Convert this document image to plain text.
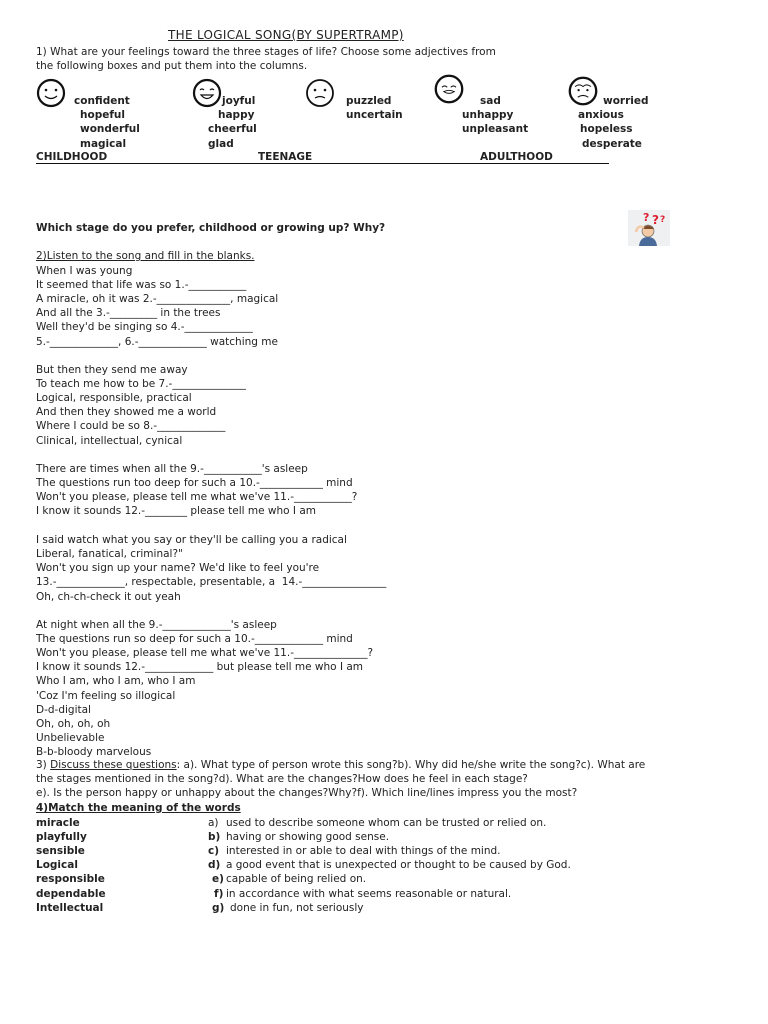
THE LOGICAL SONG(BY SUPERTRAMP)
1) What are your feelings toward the three stages of life? Choose some adjectives from
the following boxes and put them into the columns.
confident
hopeful
wonderful
magical
joyful
happy
cheerful
glad
puzzled
uncertain
sad
unhappy
unpleasant
worried
anxious
hopeless
desperate
CHILDHOOD	TEENAGE	ADULTHOOD
Which stage do you prefer, childhood or growing up? Why?
? ? ?
2)Listen to the song and fill in the blanks.
When I was young
It seemed that life was so 1.-___________
A miracle, oh it was 2.-______________, magical
And all the 3.-_________ in the trees
Well they'd be singing so 4.-_____________
5.-_____________, 6.-_____________ watching me
But then they send me away
To teach me how to be 7.-______________
Logical, responsible, practical
And then they showed me a world
Where I could be so 8.-_____________
Clinical, intellectual, cynical
There are times when all the 9.-___________'s asleep
The questions run too deep for such a 10.-____________ mind
Won't you please, please tell me what we've 11.-___________?
I know it sounds 12.-________ please tell me who I am
I said watch what you say or they'll be calling you a radical
Liberal, fanatical, criminal?"
Won't you sign up your name? We'd like to feel you're
13.-_____________, respectable, presentable, a  14.-________________
Oh, ch-ch-check it out yeah
At night when all the 9.-_____________'s asleep
The questions run so deep for such a 10.-_____________ mind
Won't you please, please tell me what we've 11.-______________?
I know it sounds 12.-_____________ but please tell me who I am
Who I am, who I am, who I am
'Coz I'm feeling so illogical
D-d-digital
Oh, oh, oh, oh
Unbelievable
B-b-bloody marvelous
3) Discuss these questions: a). What type of person wrote this song?b). Why did he/she write the song?c). What are
the stages mentioned in the song?d). What are the changes?How does he feel in each stage?
e). Is the person happy or unhappy about the changes?Why?f). Which line/lines impress you the most?
4)Match the meaning of the words
miracle
playfully
sensible
Logical
responsible
dependable
Intellectual
a)
b)
c)
d)
e)
f)
g)
used to describe someone whom can be trusted or relied on.
having or showing good sense.
interested in or able to deal with things of the mind.
a good event that is unexpected or thought to be caused by God.
capable of being relied on.
in accordance with what seems reasonable or natural.
done in fun, not seriously
